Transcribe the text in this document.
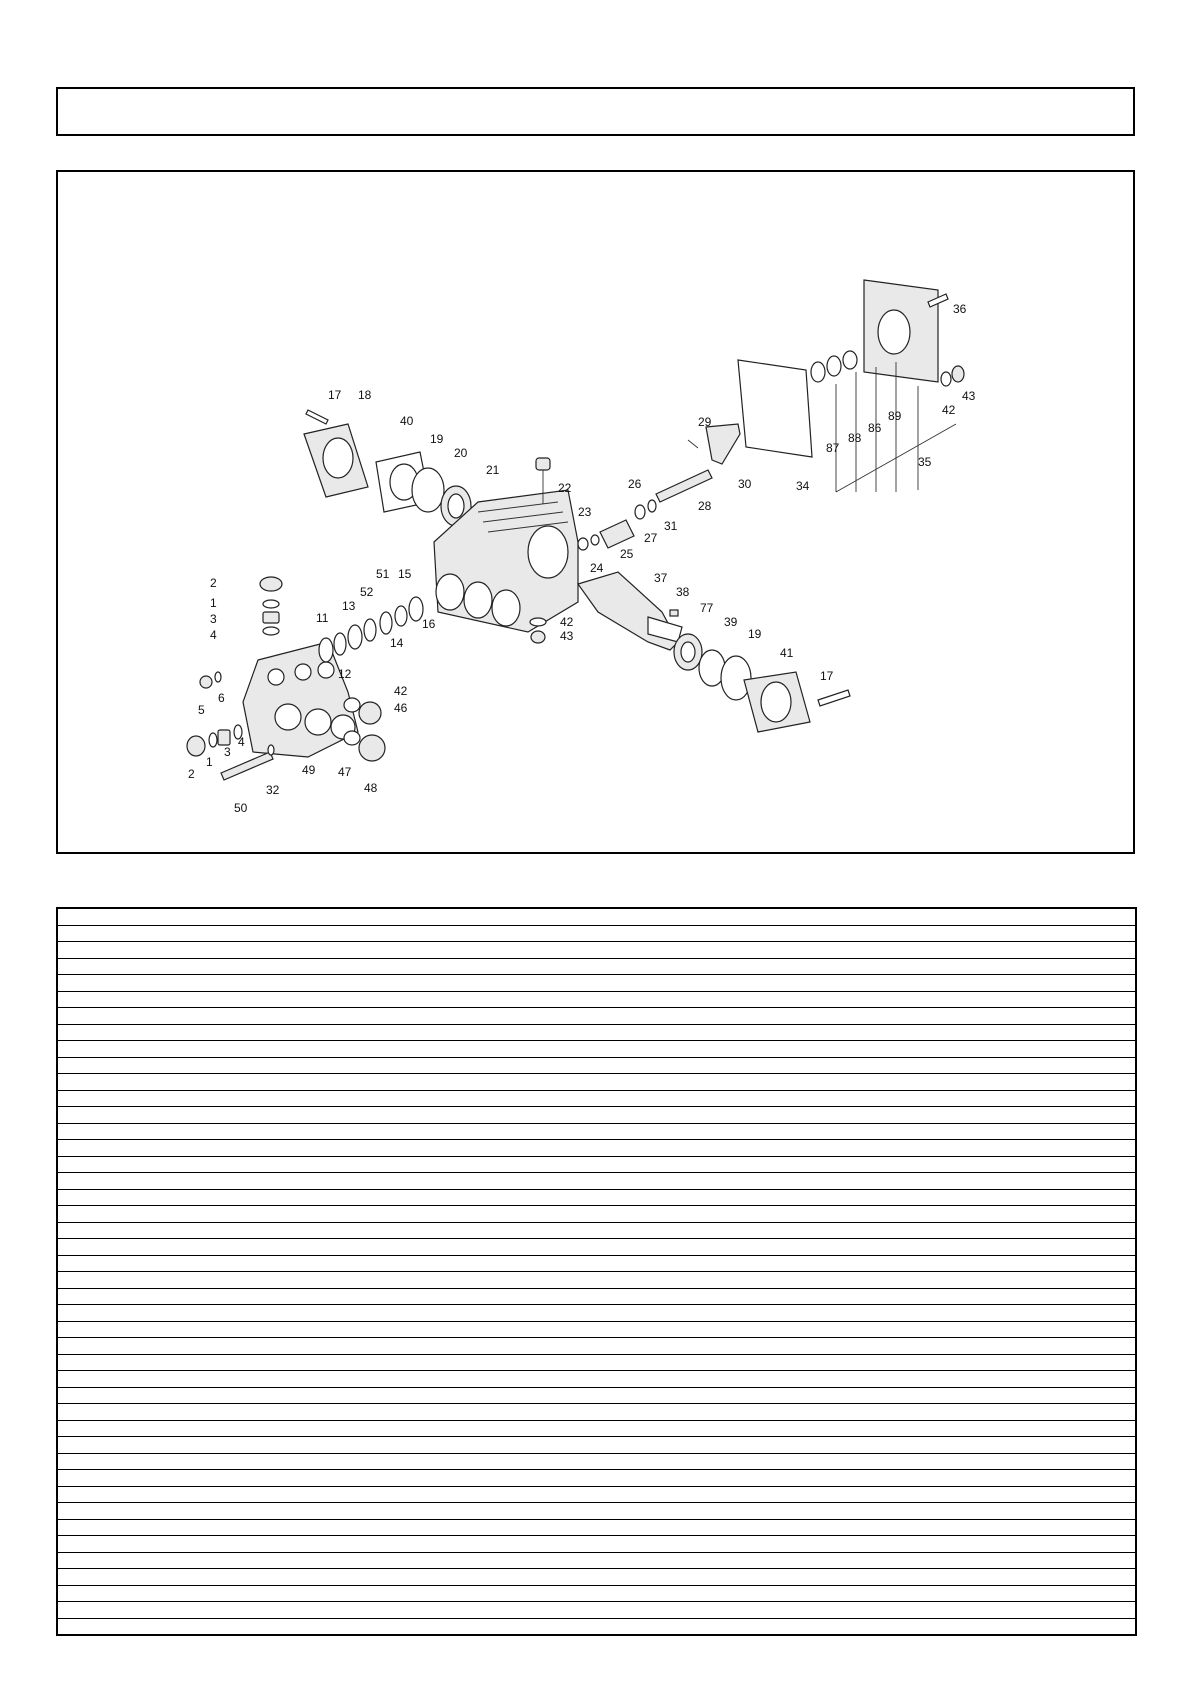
2
1
3
4
5
6
2
1
3
4
50
32
49 47
48
46
42
11
12
13
14
15
16
52
51
17 18
40
19
20
21
22
23
24
25
26
27
31
28
29
30	34
35
36
42
43
87
88
86
89
37
38
77
39
19
41
17
42
43
